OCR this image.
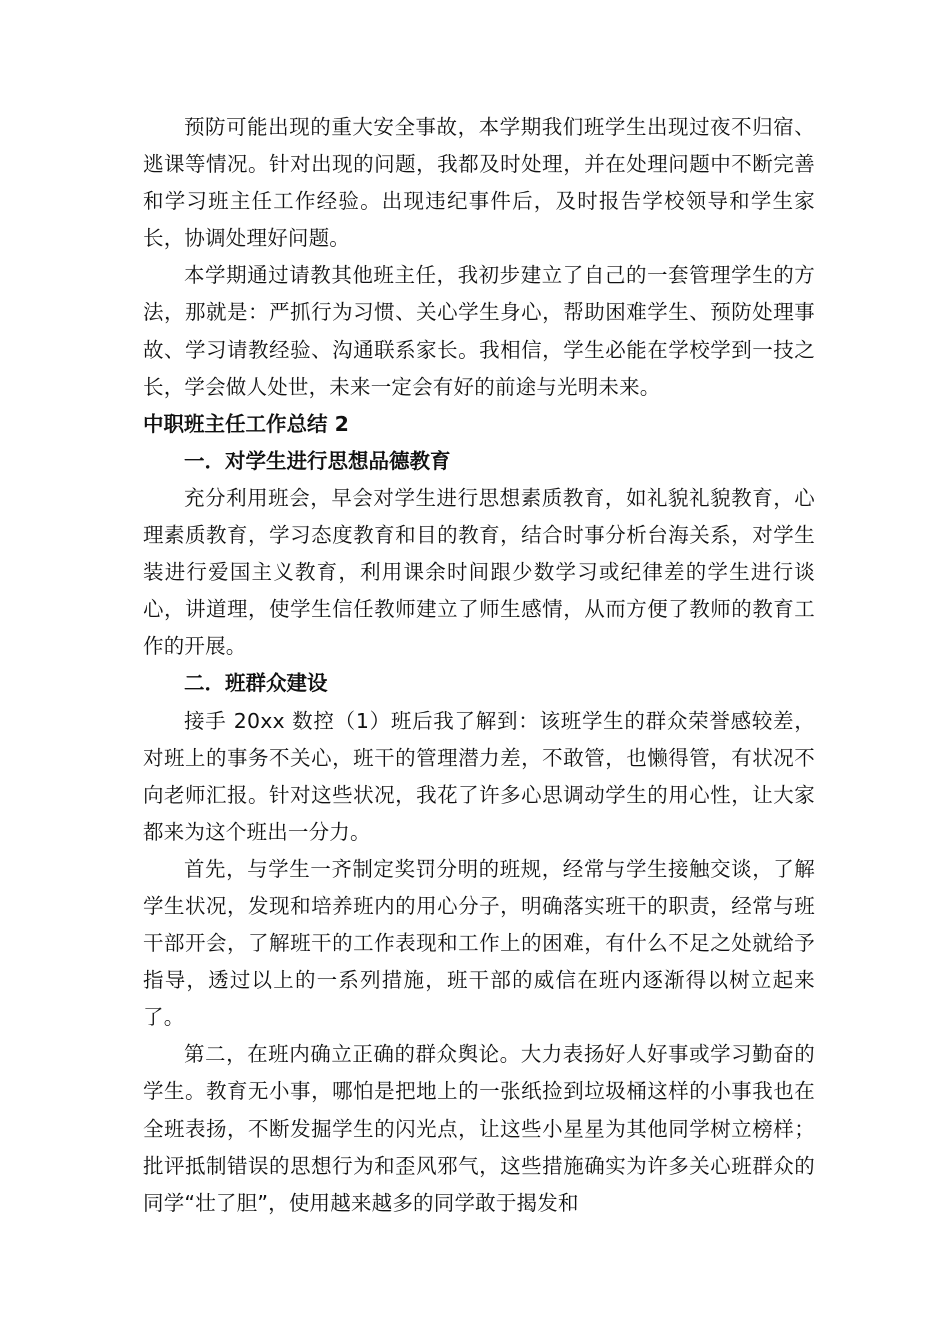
预防可能出现的重大安全事故，本学期我们班学生出现过夜不归宿、逃课等情况。针对出现的问题，我都及时处理，并在处理问题中不断完善和学习班主任工作经验。出现违纪事件后，及时报告学校领导和学生家长，协调处理好问题。

本学期通过请教其他班主任，我初步建立了自己的一套管理学生的方法，那就是：严抓行为习惯、关心学生身心，帮助困难学生、预防处理事故、学习请教经验、沟通联系家长。我相信，学生必能在学校学到一技之长，学会做人处世，未来一定会有好的前途与光明未来。

中职班主任工作总结 2

一．对学生进行思想品德教育

充分利用班会，早会对学生进行思想素质教育，如礼貌礼貌教育，心理素质教育，学习态度教育和目的教育，结合时事分析台海关系，对学生装进行爱国主义教育，利用课余时间跟少数学习或纪律差的学生进行谈心，讲道理，使学生信任教师建立了师生感情，从而方便了教师的教育工作的开展。

二．班群众建设

接手 20xx 数控（1）班后我了解到：该班学生的群众荣誉感较差，对班上的事务不关心，班干的管理潜力差，不敢管，也懒得管，有状况不向老师汇报。针对这些状况，我花了许多心思调动学生的用心性，让大家都来为这个班出一分力。

首先，与学生一齐制定奖罚分明的班规，经常与学生接触交谈，了解学生状况，发现和培养班内的用心分子，明确落实班干的职责，经常与班干部开会，了解班干的工作表现和工作上的困难，有什么不足之处就给予指导，透过以上的一系列措施，班干部的威信在班内逐渐得以树立起来了。

第二，在班内确立正确的群众舆论。大力表扬好人好事或学习勤奋的学生。教育无小事，哪怕是把地上的一张纸捡到垃圾桶这样的小事我也在全班表扬，不断发掘学生的闪光点，让这些小星星为其他同学树立榜样；批评抵制错误的思想行为和歪风邪气，这些措施确实为许多关心班群众的同学“壮了胆”，使用越来越多的同学敢于揭发和
